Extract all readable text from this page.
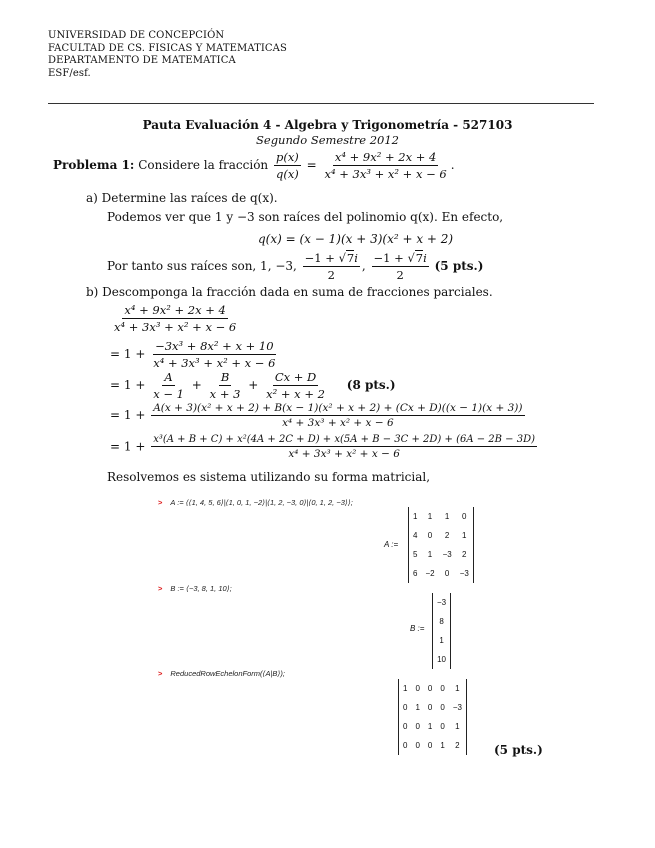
UNIVERSIDAD DE CONCEPCIÓN
FACULTAD DE CS. FISICAS Y MATEMATICAS
DEPARTAMENTO DE MATEMATICA
ESF/esf.
Pauta Evaluación 4 - Algebra y Trigonometría - 527103
Segundo Semestre 2012
Problema 1: Considere la fracción $\frac{p(x)}{q(x)} = \frac{\text{x⁴ + 9x² + 2x + 4}}{\text{x⁴ + 3x³ + x² + x − 6}}$ .
a) Determine las raíces de q(x).
Podemos ver que 1 y −3 son raíces del polinomio q(x). En efecto,
q(x) = (x − 1)(x + 3)(x² + x + 2)
Por tanto sus raíces son, 1, −3, $\frac{-1 + √7i}{2}$ , $\frac{-1 + √7i}{2} (5$ pts.)
b) Descomponga la fracción dada en suma de fracciones parciales.
$\frac{\text{x⁴ + 9x² + 2x + 4}}{\text{x⁴ + 3x³ + x² + x − 6}}$
= $1 + \frac{\text{−3x³ + 8x² + x + 10}}{\text{x⁴ + 3x³ + x² + x − 6}}$
= $1 + \frac{A}{x - 1} + \frac{B}{x + 3} + \frac{Cx + D}{\text{x² + x + 2}} (8$ pts.)
= 1 + A(x + 3)(x² + x + 2) + B(x − 1)(x² + x + 2) + (Cx + D)((x − 1)(x + 3))
x⁴ + 3x³ + x² + x − 6
= 1 + x³(A + B + C) + x²(4A + 2C + D) + x(5A + B − 3C + 2D) + (6A − 2B − 3D)
x⁴ + 3x³ + x² + x − 6
Resolvemos es sistema utilizando su forma matricial,
> A := ⟨⟨1, 4, 5, 6⟩|⟨1, 0, 1, −2⟩|⟨1, 2, −3, 0⟩|⟨0, 1, 2, −3⟩⟩;
A :=
1	1	1	0
4	0	2	1
5	1	−3	2
6	−2	0	−3
> B := ⟨−3, 8, 1, 10⟩;
B :=
−3
8
1
10
> ReducedRowEchelonForm(⟨A|B⟩);
1	0	0	0	1
0	1	0	0	−3
0	0	1	0	1
0	0	0	1	2	(5 pts.)
